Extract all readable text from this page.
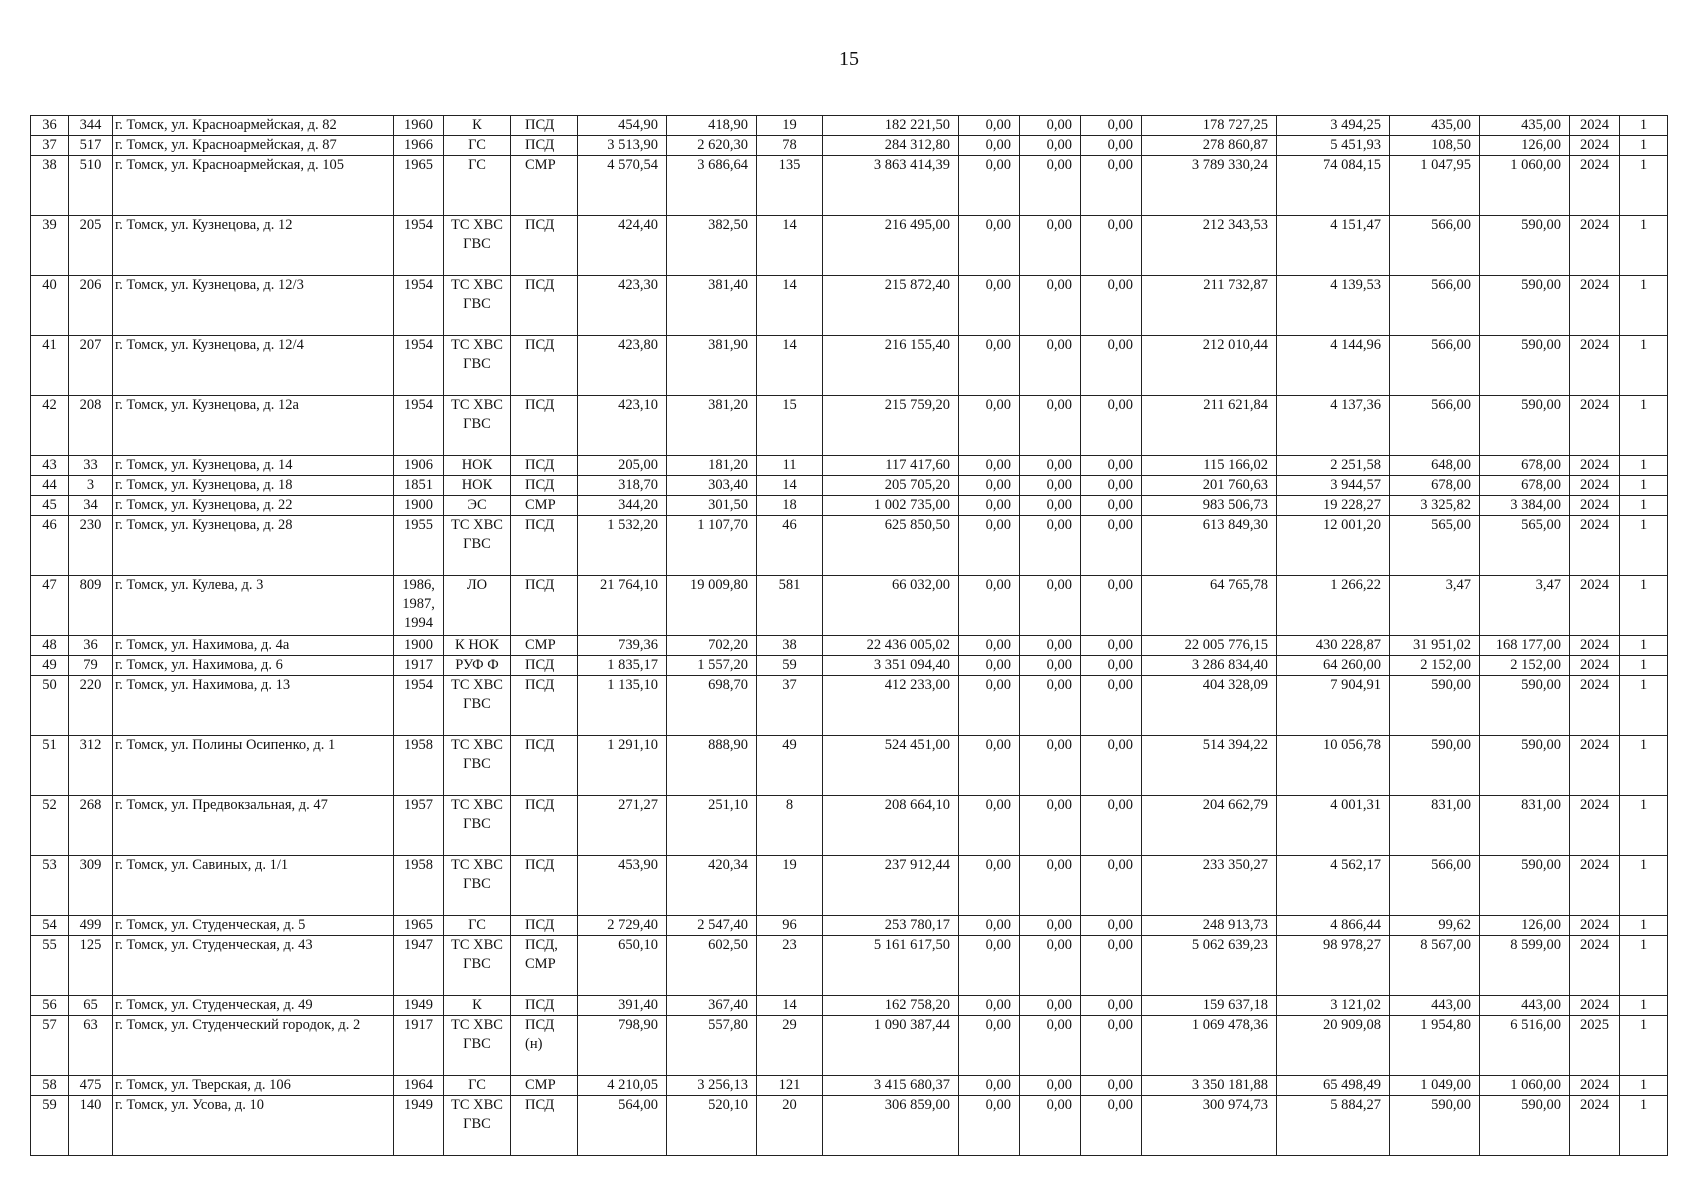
15
36	344	г. Томск, ул. Красноармейская, д. 82	1960	К	ПСД	454,90	418,90	19	182 221,50	0,00	0,00	0,00	178 727,25	3 494,25	435,00	435,00	2024	1
37	517	г. Томск, ул. Красноармейская, д. 87	1966	ГС	ПСД	3 513,90	2 620,30	78	284 312,80	0,00	0,00	0,00	278 860,87	5 451,93	108,50	126,00	2024	1
38	510	г. Томск, ул. Красноармейская, д. 105	1965	ГС	СМР	4 570,54	3 686,64	135	3 863 414,39	0,00	0,00	0,00	3 789 330,24	74 084,15	1 047,95	1 060,00	2024	1
39	205	г. Томск, ул. Кузнецова, д. 12	1954	ТС ХВС ГВС	ПСД	424,40	382,50	14	216 495,00	0,00	0,00	0,00	212 343,53	4 151,47	566,00	590,00	2024	1
40	206	г. Томск, ул. Кузнецова, д. 12/3	1954	ТС ХВС ГВС	ПСД	423,30	381,40	14	215 872,40	0,00	0,00	0,00	211 732,87	4 139,53	566,00	590,00	2024	1
41	207	г. Томск, ул. Кузнецова, д. 12/4	1954	ТС ХВС ГВС	ПСД	423,80	381,90	14	216 155,40	0,00	0,00	0,00	212 010,44	4 144,96	566,00	590,00	2024	1
42	208	г. Томск, ул. Кузнецова, д. 12а	1954	ТС ХВС ГВС	ПСД	423,10	381,20	15	215 759,20	0,00	0,00	0,00	211 621,84	4 137,36	566,00	590,00	2024	1
43	33	г. Томск, ул. Кузнецова, д. 14	1906	НОК	ПСД	205,00	181,20	11	117 417,60	0,00	0,00	0,00	115 166,02	2 251,58	648,00	678,00	2024	1
44	3	г. Томск, ул. Кузнецова, д. 18	1851	НОК	ПСД	318,70	303,40	14	205 705,20	0,00	0,00	0,00	201 760,63	3 944,57	678,00	678,00	2024	1
45	34	г. Томск, ул. Кузнецова, д. 22	1900	ЭС	СМР	344,20	301,50	18	1 002 735,00	0,00	0,00	0,00	983 506,73	19 228,27	3 325,82	3 384,00	2024	1
46	230	г. Томск, ул. Кузнецова, д. 28	1955	ТС ХВС ГВС	ПСД	1 532,20	1 107,70	46	625 850,50	0,00	0,00	0,00	613 849,30	12 001,20	565,00	565,00	2024	1
47	809	г. Томск, ул. Кулева, д. 3	1986, 1987, 1994	ЛО	ПСД	21 764,10	19 009,80	581	66 032,00	0,00	0,00	0,00	64 765,78	1 266,22	3,47	3,47	2024	1
48	36	г. Томск, ул. Нахимова, д. 4а	1900	К НОК	СМР	739,36	702,20	38	22 436 005,02	0,00	0,00	0,00	22 005 776,15	430 228,87	31 951,02	168 177,00	2024	1
49	79	г. Томск, ул. Нахимова, д. 6	1917	РУФ Ф	ПСД	1 835,17	1 557,20	59	3 351 094,40	0,00	0,00	0,00	3 286 834,40	64 260,00	2 152,00	2 152,00	2024	1
50	220	г. Томск, ул. Нахимова, д. 13	1954	ТС ХВС ГВС	ПСД	1 135,10	698,70	37	412 233,00	0,00	0,00	0,00	404 328,09	7 904,91	590,00	590,00	2024	1
51	312	г. Томск, ул. Полины Осипенко, д. 1	1958	ТС ХВС ГВС	ПСД	1 291,10	888,90	49	524 451,00	0,00	0,00	0,00	514 394,22	10 056,78	590,00	590,00	2024	1
52	268	г. Томск, ул. Предвокзальная, д. 47	1957	ТС ХВС ГВС	ПСД	271,27	251,10	8	208 664,10	0,00	0,00	0,00	204 662,79	4 001,31	831,00	831,00	2024	1
53	309	г. Томск, ул. Савиных, д. 1/1	1958	ТС ХВС ГВС	ПСД	453,90	420,34	19	237 912,44	0,00	0,00	0,00	233 350,27	4 562,17	566,00	590,00	2024	1
54	499	г. Томск, ул. Студенческая, д. 5	1965	ГС	ПСД	2 729,40	2 547,40	96	253 780,17	0,00	0,00	0,00	248 913,73	4 866,44	99,62	126,00	2024	1
55	125	г. Томск, ул. Студенческая, д. 43	1947	ТС ХВС ГВС	ПСД, СМР	650,10	602,50	23	5 161 617,50	0,00	0,00	0,00	5 062 639,23	98 978,27	8 567,00	8 599,00	2024	1
56	65	г. Томск, ул. Студенческая, д. 49	1949	К	ПСД	391,40	367,40	14	162 758,20	0,00	0,00	0,00	159 637,18	3 121,02	443,00	443,00	2024	1
57	63	г. Томск, ул. Студенческий городок, д. 2	1917	ТС ХВС ГВС	ПСД (н)	798,90	557,80	29	1 090 387,44	0,00	0,00	0,00	1 069 478,36	20 909,08	1 954,80	6 516,00	2025	1
58	475	г. Томск, ул. Тверская, д. 106	1964	ГС	СМР	4 210,05	3 256,13	121	3 415 680,37	0,00	0,00	0,00	3 350 181,88	65 498,49	1 049,00	1 060,00	2024	1
59	140	г. Томск, ул. Усова, д. 10	1949	ТС ХВС ГВС	ПСД	564,00	520,10	20	306 859,00	0,00	0,00	0,00	300 974,73	5 884,27	590,00	590,00	2024	1
